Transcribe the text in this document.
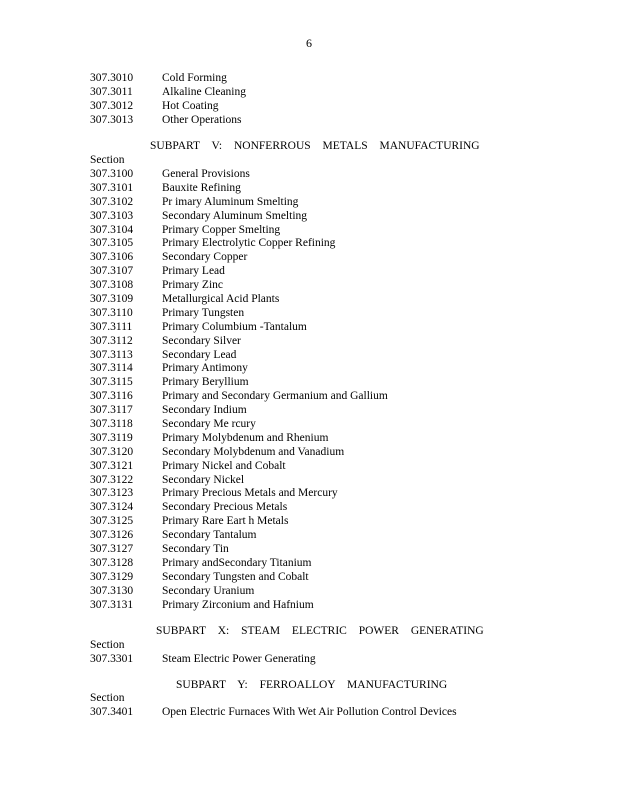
6
307.3010	Cold Forming
307.3011	Alkaline Cleaning
307.3012	Hot Coating
307.3013	Other Operations
SUBPART V: NONFERROUS METALS MANUFACTURING
Section
307.3100	General Provisions
307.3101	Bauxite Refining
307.3102	Pr imary Aluminum Smelting
307.3103	Secondary Aluminum Smelting
307.3104	Primary Copper Smelting
307.3105	Primary Electrolytic Copper Refining
307.3106	Secondary Copper
307.3107	Primary Lead
307.3108	Primary Zinc
307.3109	Metallurgical Acid Plants
307.3110	Primary Tungsten
307.3111	Primary Columbium -Tantalum
307.3112	Secondary Silver
307.3113	Secondary Lead
307.3114	Primary Antimony
307.3115	Primary Beryllium
307.3116	Primary and Secondary Germanium and Gallium
307.3117	Secondary Indium
307.3118	Secondary Me rcury
307.3119	Primary Molybdenum and Rhenium
307.3120	Secondary Molybdenum and Vanadium
307.3121	Primary Nickel and Cobalt
307.3122	Secondary Nickel
307.3123	Primary Precious Metals and Mercury
307.3124	Secondary Precious Metals
307.3125	Primary Rare Eart h Metals
307.3126	Secondary Tantalum
307.3127	Secondary Tin
307.3128	Primary andSecondary Titanium
307.3129	Secondary Tungsten and Cobalt
307.3130	Secondary Uranium
307.3131	Primary Zirconium and Hafnium
SUBPART X: STEAM ELECTRIC POWER GENERATING
Section
307.3301	Steam Electric Power Generating
SUBPART Y: FERROALLOY MANUFACTURING
Section
307.3401	Open Electric Furnaces With Wet Air Pollution Control Devices
